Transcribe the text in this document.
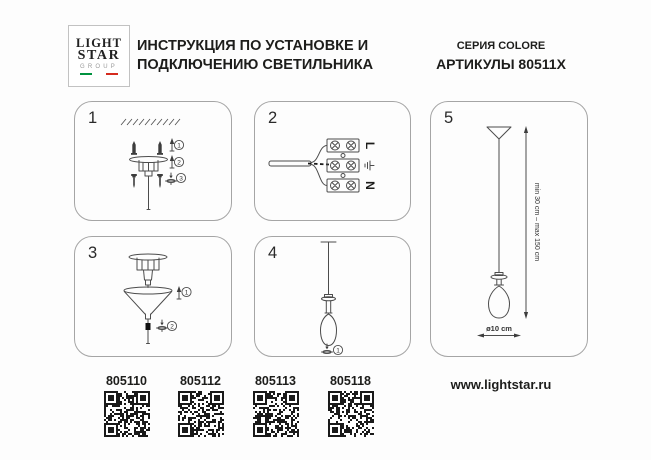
LIGHT
STAR
GROUP
ИНСТРУКЦИЯ ПО УСТАНОВКЕ И
ПОДКЛЮЧЕНИЮ СВЕТИЛЬНИКА
СЕРИЯ COLORE
АРТИКУЛЫ 80511X
1
1
2
3
2
L
N
3
1
2
4
1
5
min 30 cm – max 150 cm
ø10 cm
805110	805112	805113	805118	www.lightstar.ru
